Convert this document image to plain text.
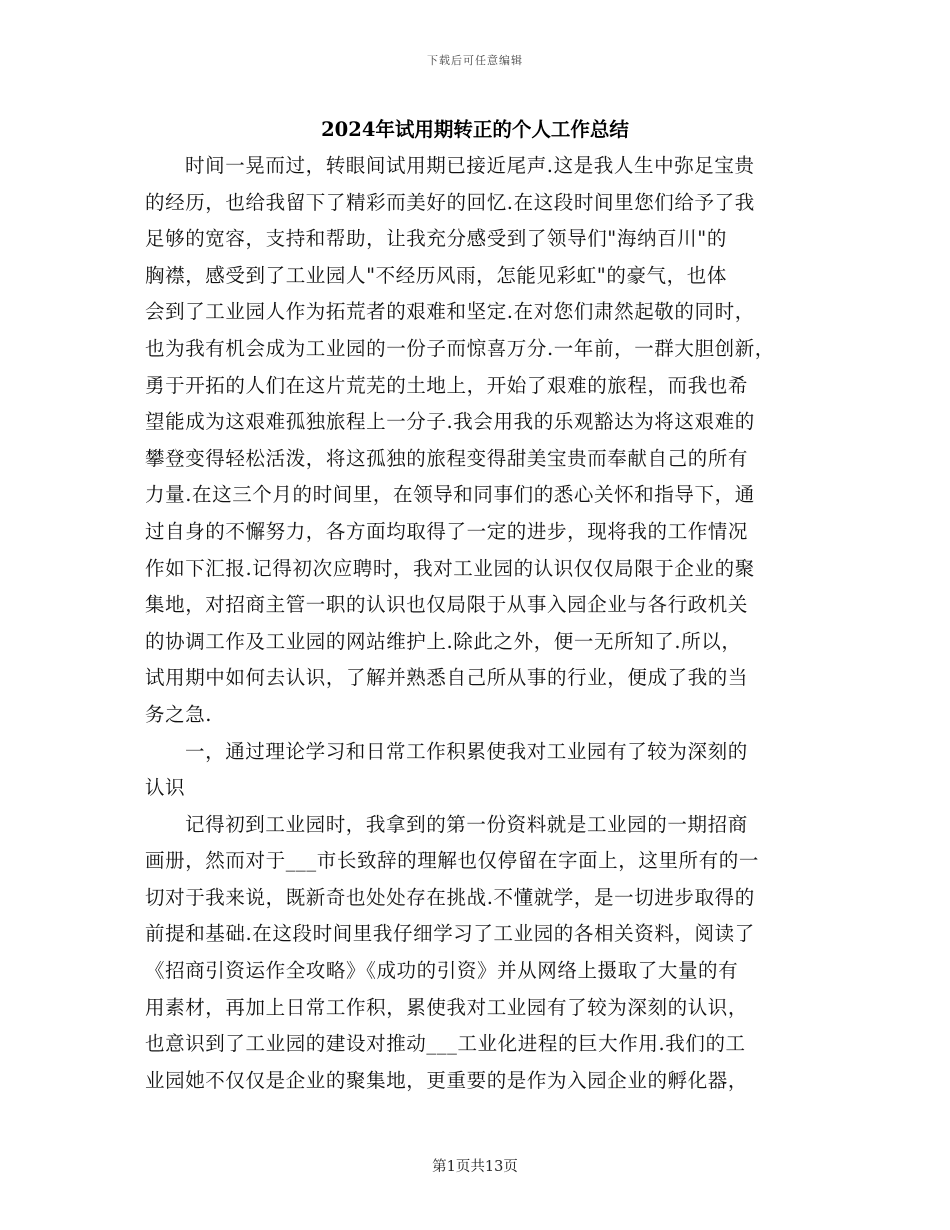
下载后可任意编辑
2024年试用期转正的个人工作总结
时间一晃而过，转眼间试用期已接近尾声.这是我人生中弥足宝贵
的经历，也给我留下了精彩而美好的回忆.在这段时间里您们给予了我
足够的宽容，支持和帮助，让我充分感受到了领导们"海纳百川"的
胸襟，感受到了工业园人"不经历风雨，怎能见彩虹"的豪气，也体
会到了工业园人作为拓荒者的艰难和坚定.在对您们肃然起敬的同时，
也为我有机会成为工业园的一份子而惊喜万分.一年前，一群大胆创新，
勇于开拓的人们在这片荒芜的土地上，开始了艰难的旅程，而我也希
望能成为这艰难孤独旅程上一分子.我会用我的乐观豁达为将这艰难的
攀登变得轻松活泼，将这孤独的旅程变得甜美宝贵而奉献自己的所有
力量.在这三个月的时间里，在领导和同事们的悉心关怀和指导下，通
过自身的不懈努力，各方面均取得了一定的进步，现将我的工作情况
作如下汇报.记得初次应聘时，我对工业园的认识仅仅局限于企业的聚
集地，对招商主管一职的认识也仅局限于从事入园企业与各行政机关
的协调工作及工业园的网站维护上.除此之外，便一无所知了.所以，
试用期中如何去认识，了解并熟悉自己所从事的行业，便成了我的当
务之急.
一，通过理论学习和日常工作积累使我对工业园有了较为深刻的
认识
记得初到工业园时，我拿到的第一份资料就是工业园的一期招商
画册，然而对于___市长致辞的理解也仅停留在字面上，这里所有的一
切对于我来说，既新奇也处处存在挑战.不懂就学，是一切进步取得的
前提和基础.在这段时间里我仔细学习了工业园的各相关资料，阅读了
《招商引资运作全攻略》《成功的引资》并从网络上摄取了大量的有
用素材，再加上日常工作积，累使我对工业园有了较为深刻的认识，
也意识到了工业园的建设对推动___工业化进程的巨大作用.我们的工
业园她不仅仅是企业的聚集地，更重要的是作为入园企业的孵化器，
第1页共13页
